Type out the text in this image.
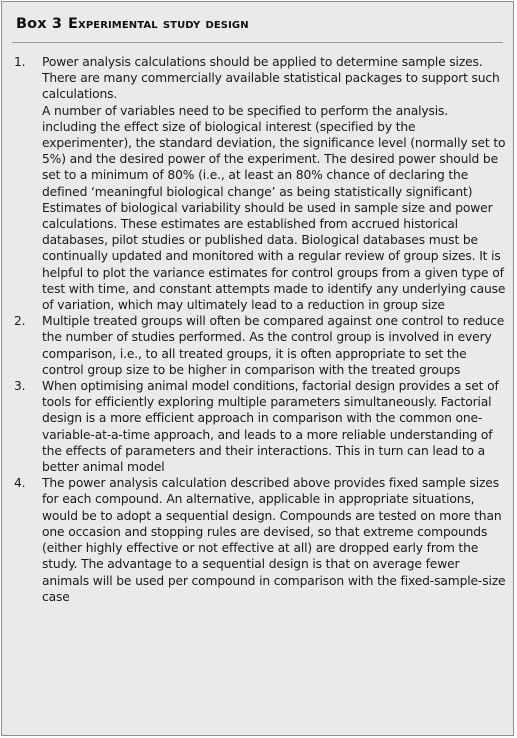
Box 3 Experimental study design
1.	Power analysis calculations should be applied to determine sample sizes. There are many commercially available statistical packages to support such calculations.

A number of variables need to be specified to perform the analysis. including the effect size of biological interest (specified by the experimenter), the standard deviation, the significance level (normally set to 5%) and the desired power of the experiment. The desired power should be set to a minimum of 80% (i.e., at least an 80% chance of declaring the defined ‘meaningful biological change’ as being statistically significant)

Estimates of biological variability should be used in sample size and power calculations. These estimates are established from accrued historical databases, pilot studies or published data. Biological databases must be continually updated and monitored with a regular review of group sizes. It is helpful to plot the variance estimates for control groups from a given type of test with time, and constant attempts made to identify any underlying cause of variation, which may ultimately lead to a reduction in group size

2.	Multiple treated groups will often be compared against one control to reduce the number of studies performed. As the control group is involved in every comparison, i.e., to all treated groups, it is often appropriate to set the control group size to be higher in comparison with the treated groups

3.	When optimising animal model conditions, factorial design provides a set of tools for efficiently exploring multiple parameters simultaneously. Factorial design is a more efficient approach in comparison with the common one-variable-at-a-time approach, and leads to a more reliable understanding of the effects of parameters and their interactions. This in turn can lead to a better animal model

4.	The power analysis calculation described above provides fixed sample sizes for each compound. An alternative, applicable in appropriate situations, would be to adopt a sequential design. Compounds are tested on more than one occasion and stopping rules are devised, so that extreme compounds (either highly effective or not effective at all) are dropped early from the study. The advantage to a sequential design is that on average fewer animals will be used per compound in comparison with the fixed-sample-size case
